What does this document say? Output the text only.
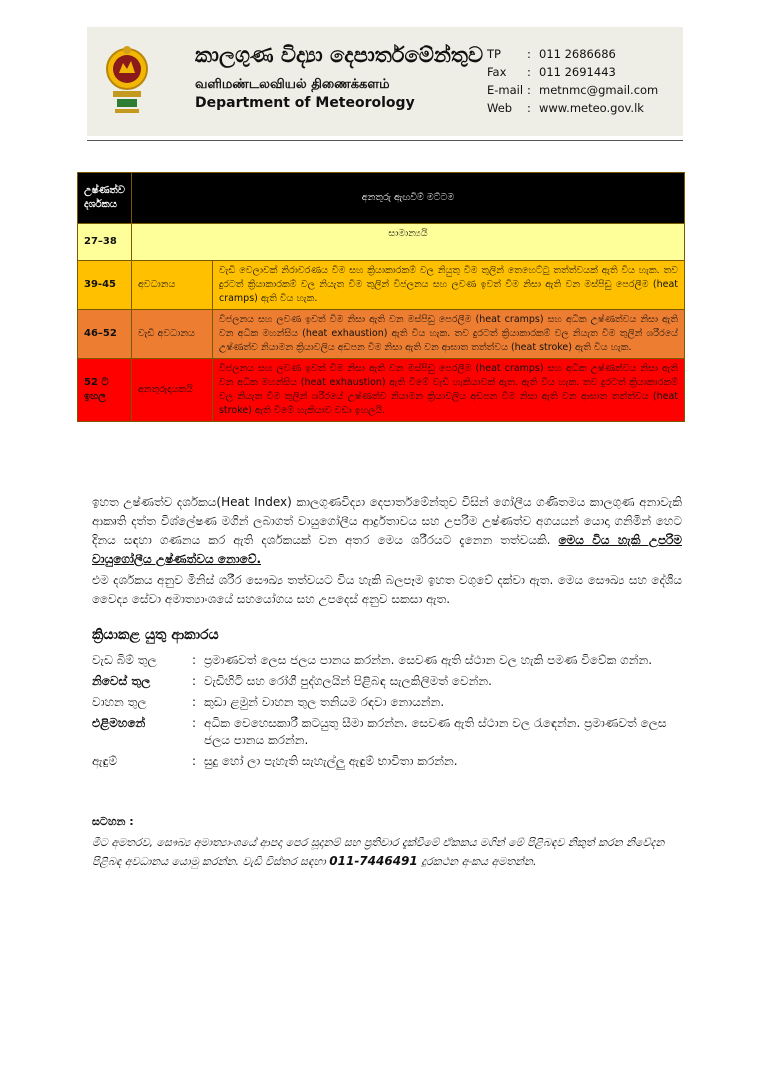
කාලගුණ විද්‍යා දෙපාර්තමේන්තුව
வளிமண்டலவியல் திணைக்களம்
Department of Meteorology
TP	: 011 2686686
Fax	: 011 2691443
E-mail : metnmc@gmail.com
Web	: www.meteo.gov.lk
උෂ්ණත්ව දර්ශකය	අනතුරු ඇඟවීම් මට්ටම	
27–38	සාමාන්‍යයි	
39-45	අවධානය	වැඩි වෙලාවක් නිරාවරණය වීම සහ ක්‍රියාකාරකම් වල නියුතු වීම තුලින් තෙහෙට්ටු තත්ත්වයක් ඇති විය හැක. තව දුරටත් ක්‍රියාකාරකම් වල නියැත වීම තුලින් විජලනය සහ ලවණ ඉවත් වීම නිසා ඇති වන මස්පිඩු පෙරලීම (heat cramps) ඇති විය හැක.
46–52	වැඩි අවධානය	විජලනය සහ ලවණ ඉවත් වීම නිසා ඇති වන මස්පිඩු පෙරලීම (heat cramps) සහ අධික උෂ්ණත්වය නිසා ඇති වන අධික මහන්සිය (heat exhaustion) ඇති විය හැක. තව දුරටත් ක්‍රියාකාරකම් වල නියැත වීම තුලින් ශරීරයේ උෂ්ණත්ව නියාමන ක්‍රියාවලිය අඩපන වීම නිසා ඇති වන ආඝාත තත්ත්වය (heat stroke) ඇති විය හැක.
52 ට ඉහල	අනතුරුදායකයි	විජලනය සහ ලවණ ඉවත් වීම නිසා ඇති වන මස්පිඩු පෙරලීම (heat cramps) සහ අධික උෂ්ණත්වය නිසා ඇති වන අධික මහන්සිය (heat exhaustion) ඇති වීමේ වැඩි හැකියාවක් ඇත. ඇති විය හැක. තව දුරටත් ක්‍රියාකාරකම් වල නියැත වීම තුලින් ශරීරයේ උෂ්ණත්ව නියාමන ක්‍රියාවලිය අඩපන වීම නිසා ඇති වන ආඝාත තත්ත්වය (heat stroke) ඇති වීමේ හැකියාව වඩා ඉහලයි.
ඉහත උෂ්ණත්ව දර්ශකය(Heat Index) කාලගුණවිද්‍යා දෙපාර්තමේන්තුව විසින් ගෝලීය ගණිතමය කාලගුණ අනාවැකි ආකෘති දත්ත විශ්ලේෂණ මගින් ලබාගත් වායුගෝලීය ආර්ද්‍රතාවය සහ උපරිම උෂ්ණත්ව අගයයන් යොදා ගනිමින් හෙට දිනය සඳහා ගණනය කර ඇති දර්ශකයක් වන අතර මෙය ශරීරයට දැනෙන තත්වයකි. මෙය විය හැකි උපරිම වායුගෝලීය උෂ්ණත්වය නොවේ.
එම දර්ශකය අනුව මිනිස් ශරීර සෞඛ්‍ය තත්වයට විය හැකි බලපෑම ඉහත වගුවේ දක්වා ඇත. මෙය සෞඛ්‍ය සහ දේශීය වෛද්‍ය සේවා අමාත්‍යාංශයේ සහයෝගය සහ උපදෙස් අනුව සකසා ඇත.
ක්‍රියාකළ යුතු ආකාරය
වැඩ බිම් තුල	: ප්‍රමාණවත් ලෙස ජලය පානය කරන්න. සෙවණ ඇති ස්ථාන වල හැකි පමණ විවේක ගන්න.
නිවෙස් තුල	: වැඩිහිටි සහ රෝගී පුද්ගලයින් පිළිබඳ සැලකිලිමත් වෙන්න.
වාහන තුල	: කුඩා ළමුන් වාහන තුල තනියම රඳවා නොයන්න.
එළිමහනේ	: අධික වෙහෙසකාරී කටයුතු සීමා කරන්න. සෙවණ ඇති ස්ථාන වල රැඳෙන්න. ප්‍රමාණවත් ලෙස ජලය පානය කරන්න.
ඇඳුම්	: සුදු හෝ ලා පැහැති සැහැල්ලු ඇඳුම් භාවිතා කරන්න.
සටහන :
මීට අමතරව, සෞඛ්‍ය අමාත්‍යාංශයේ ආපදා පෙර සූදානම් සහ ප්‍රතිචාර දැක්වීමේ ඒකකය මගින් මේ පිළිබඳව නිකුත් කරන නිවේදන පිළිබඳ අවධානය යොමු කරන්න. වැඩි විස්තර සඳහා 011-7446491 දුරකථන අංකය අමතන්න.
